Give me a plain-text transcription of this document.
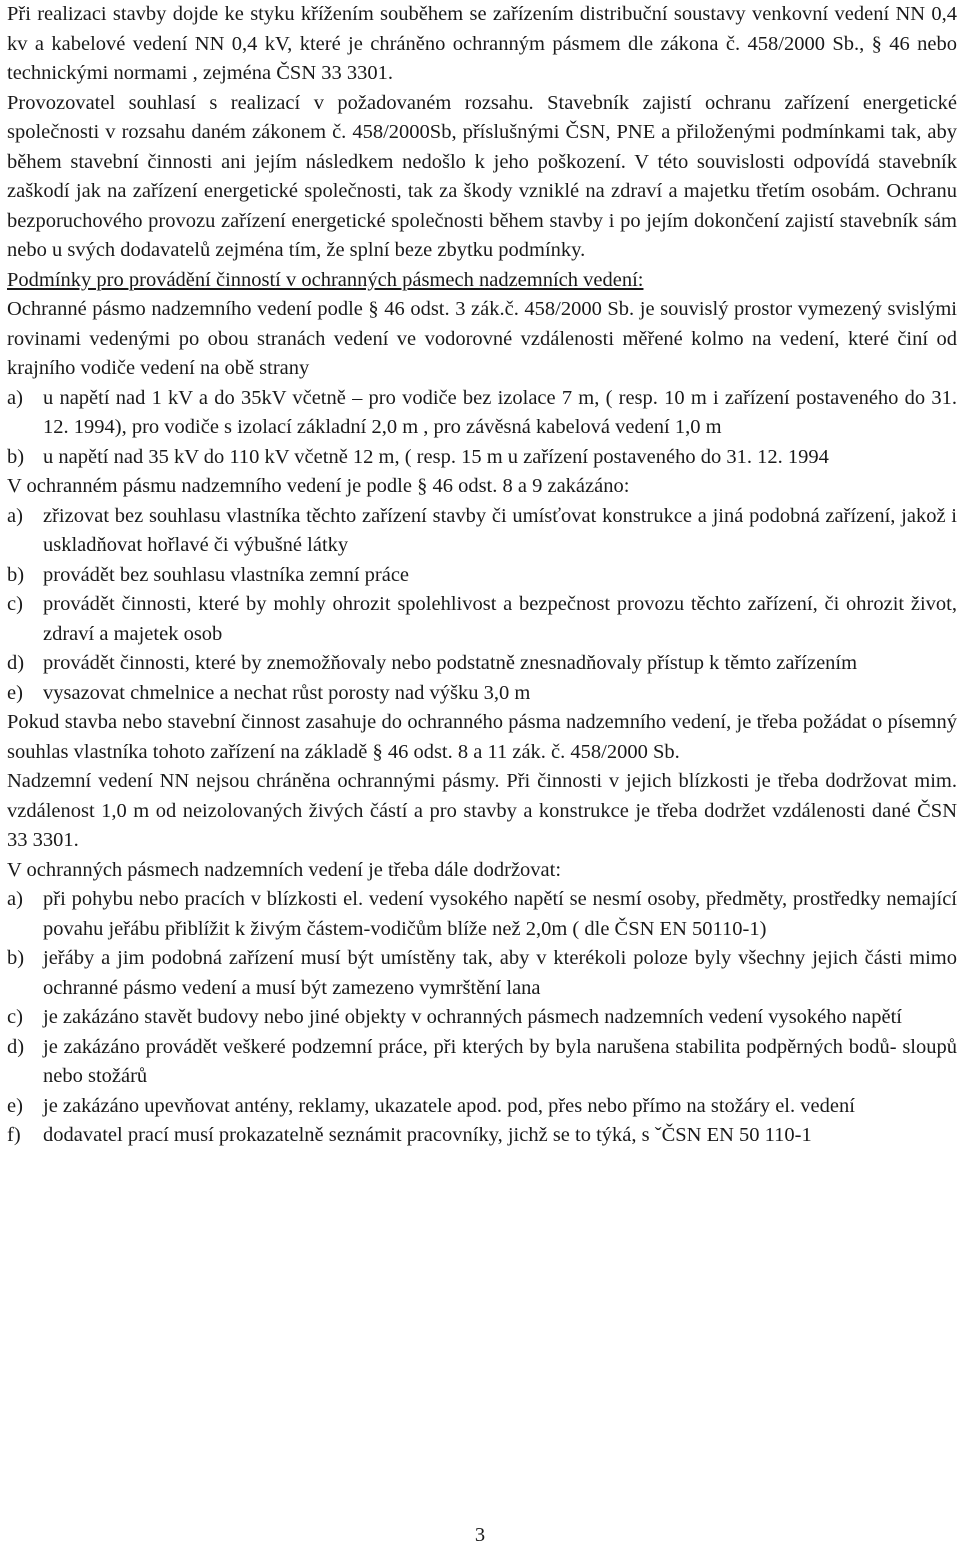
Při realizaci stavby dojde ke styku křížením souběhem se zařízením distribuční soustavy venkovní vedení NN 0,4 kv a kabelové vedení NN 0,4 kV, které je chráněno ochranným pásmem dle zákona č. 458/2000 Sb., § 46 nebo technickými normami , zejména ČSN 33 3301.

Provozovatel souhlasí s realizací v požadovaném rozsahu. Stavebník zajistí ochranu zařízení energetické společnosti v rozsahu daném zákonem č. 458/2000Sb, příslušnými ČSN, PNE a přiloženými podmínkami tak, aby během stavební činnosti ani jejím následkem nedošlo k jeho poškození. V této souvislosti odpovídá stavebník zaškodí jak na zařízení energetické společnosti, tak za škody vzniklé na zdraví a majetku třetím osobám. Ochranu bezporuchového provozu zařízení energetické společnosti během stavby i po jejím dokončení zajistí stavebník sám nebo u svých dodavatelů zejména tím, že splní beze zbytku podmínky.

Podmínky pro provádění činností v ochranných pásmech nadzemních vedení:

Ochranné pásmo nadzemního vedení podle § 46 odst. 3 zák.č. 458/2000 Sb. je souvislý prostor vymezený svislými rovinami vedenými po obou stranách vedení ve vodorovné vzdálenosti měřené kolmo na vedení, které činí od krajního vodiče vedení na obě strany

a) u napětí nad 1 kV a do 35kV včetně – pro vodiče bez izolace 7 m, ( resp. 10 m i zařízení postaveného do 31. 12. 1994), pro vodiče s izolací základní 2,0 m , pro závěsná kabelová vedení 1,0 m
b) u napětí nad 35 kV do 110 kV včetně 12 m, ( resp. 15 m u zařízení postaveného do 31. 12. 1994

V ochranném pásmu nadzemního vedení je podle § 46 odst. 8 a 9 zakázáno:

a) zřizovat bez souhlasu vlastníka těchto zařízení stavby či umísťovat konstrukce a jiná podobná zařízení, jakož i uskladňovat hořlavé či výbušné látky
b) provádět bez souhlasu vlastníka zemní práce
c) provádět činnosti, které by mohly ohrozit spolehlivost a bezpečnost provozu těchto zařízení, či ohrozit život, zdraví a majetek osob
d) provádět činnosti, které by znemožňovaly nebo podstatně znesnadňovaly přístup k těmto zařízením
e) vysazovat chmelnice a nechat růst porosty nad výšku 3,0 m

Pokud stavba nebo stavební činnost zasahuje do ochranného pásma nadzemního vedení, je třeba požádat o písemný souhlas vlastníka tohoto zařízení na základě § 46 odst. 8 a 11 zák. č. 458/2000 Sb.

Nadzemní vedení NN nejsou chráněna ochrannými pásmy. Při činnosti v jejich blízkosti je třeba dodržovat mim. vzdálenost 1,0 m od neizolovaných živých částí a pro stavby a konstrukce je třeba dodržet vzdálenosti dané ČSN 33 3301.

V ochranných pásmech nadzemních vedení je třeba dále dodržovat:

a) při pohybu nebo pracích v blízkosti el. vedení vysokého napětí se nesmí osoby, předměty, prostředky nemající povahu jeřábu přiblížit k živým částem-vodičům blíže než 2,0m ( dle ČSN EN 50110-1)
b) jeřáby a jim podobná zařízení musí být umístěny tak, aby v kterékoli poloze byly všechny jejich části mimo ochranné pásmo vedení a musí být zamezeno vymrštění lana
c) je zakázáno stavět budovy nebo jiné objekty v ochranných pásmech nadzemních vedení vysokého napětí
d) je zakázáno provádět veškeré podzemní práce, při kterých by byla narušena stabilita podpěrných bodů- sloupů nebo stožárů
e) je zakázáno upevňovat antény, reklamy, ukazatele apod. pod, přes nebo přímo na stožáry el. vedení
f)	dodavatel prací musí prokazatelně seznámit pracovníky, jichž se to týká, s ˇČSN EN 50 110-1
3
